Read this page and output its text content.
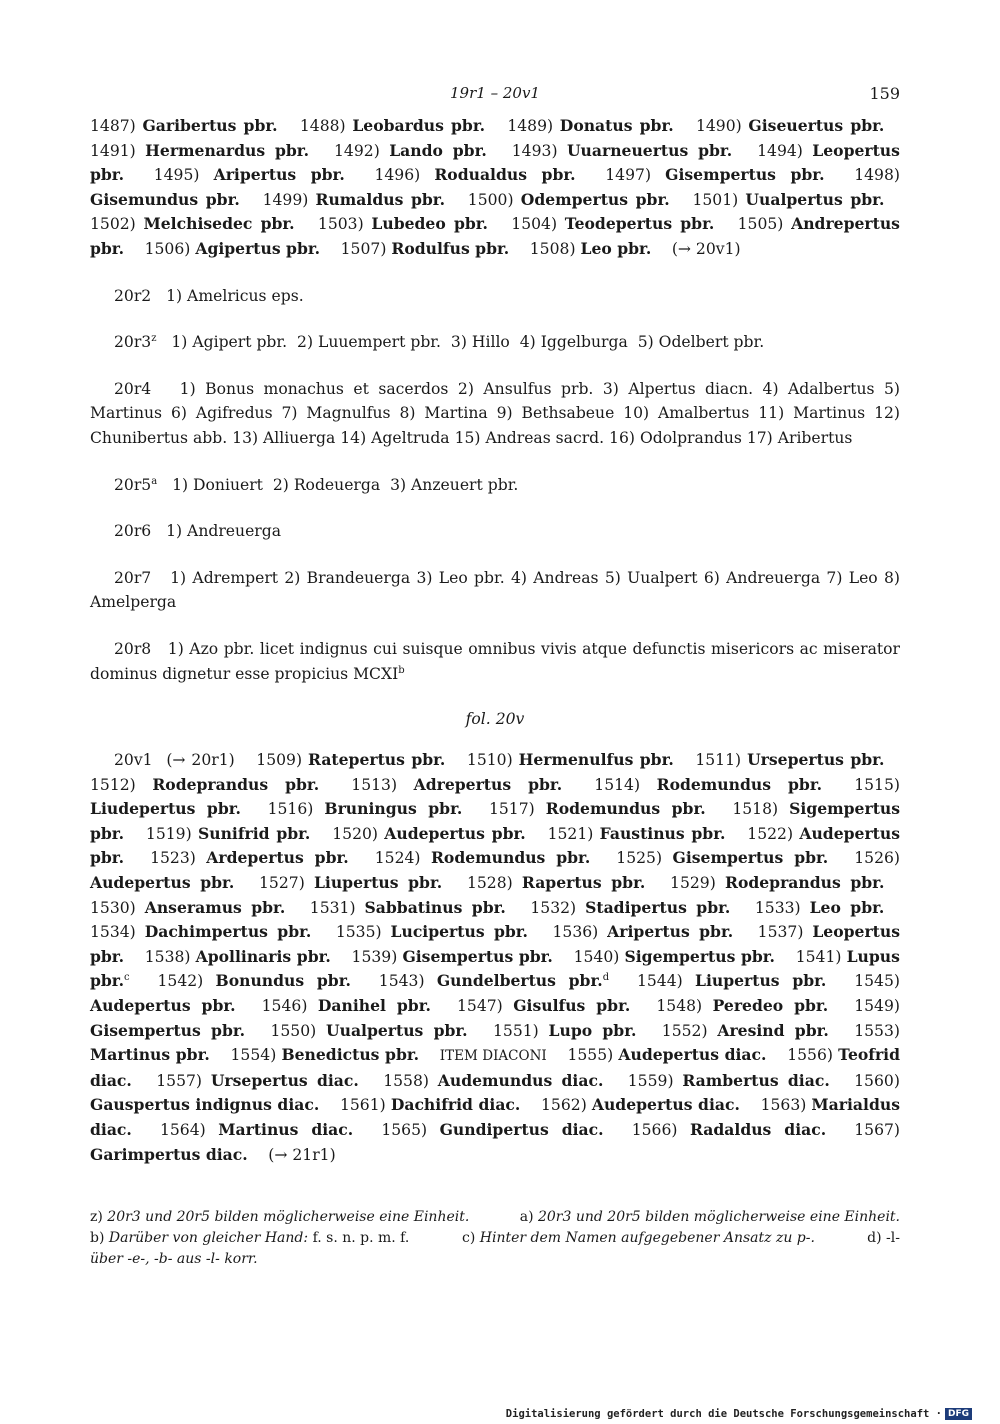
19r1 – 20v1	159

1487) Garibertus pbr.  1488) Leobardus pbr.  1489) Donatus pbr.  1490) Giseuertus pbr.  1491) Hermenardus pbr.  1492) Lando pbr.  1493) Uuarneuertus pbr.  1494) Leopertus pbr.  1495) Aripertus pbr.  1496) Rodualdus pbr.  1497) Gisempertus pbr.  1498) Gisemundus pbr.  1499) Rumaldus pbr.  1500) Odempertus pbr.  1501) Uualpertus pbr.  1502) Melchisedec pbr.  1503) Lubedeo pbr.  1504) Teodepertus pbr.  1505) Andrepertus pbr.  1506) Agipertus pbr.  1507) Rodulfus pbr.  1508) Leo pbr.  (→ 20v1)

20r2 1) Amelricus eps.

20r3$^z$ 1) Agipert pbr.  2) Luuempert pbr.  3) Hillo  4) Iggelburga  5) Odelbert pbr.

20r4 1) Bonus monachus et sacerdos 2) Ansulfus prb. 3) Alpertus diacn. 4) Adalbertus 5) Martinus 6) Agifredus 7) Magnulfus 8) Martina 9) Bethsabeue 10) Amalbertus 11) Martinus 12) Chunibertus abb. 13) Alliuerga 14) Ageltruda 15) Andreas sacrd. 16) Odolprandus 17) Aribertus

20r5$^a$ 1) Doniuert  2) Rodeuerga  3) Anzeuert pbr.

20r6 1) Andreuerga

20r7 1) Adrempert 2) Brandeuerga 3) Leo pbr. 4) Andreas 5) Uualpert 6) Andreuerga 7) Leo 8) Amelperga

20r8 1) Azo pbr. licet indignus cui suisque omnibus vivis atque defunctis misericors ac miserator dominus dignetur esse propicius MCXI$^b$

fol. 20v

20v1  (→ 20r1)  1509) Ratepertus pbr.  1510) Hermenulfus pbr.  1511) Ursepertus pbr.  1512) Rodeprandus pbr.  1513) Adrepertus pbr.  1514) Rodemundus pbr.  1515) Liudepertus pbr.  1516) Bruningus pbr.  1517) Rodemundus pbr.  1518) Sigempertus pbr.  1519) Sunifrid pbr.  1520) Audepertus pbr.  1521) Faustinus pbr.  1522) Audepertus pbr.  1523) Ardepertus pbr.  1524) Rodemundus pbr.  1525) Gisempertus pbr.  1526) Audepertus pbr.  1527) Liupertus pbr.  1528) Rapertus pbr.  1529) Rodeprandus pbr.  1530) Anseramus pbr.  1531) Sabbatinus pbr.  1532) Stadipertus pbr.  1533) Leo pbr.  1534) Dachimpertus pbr.  1535) Lucipertus pbr.  1536) Aripertus pbr.  1537) Leopertus pbr.  1538) Apollinaris pbr.  1539) Gisempertus pbr.  1540) Sigempertus pbr.  1541) Lupus pbr.$^c$  1542) Bonundus pbr.  1543) Gundelbertus pbr.$^d$  1544) Liupertus pbr.  1545) Audepertus pbr.  1546) Danihel pbr.  1547) Gisulfus pbr.  1548) Peredeo pbr.  1549) Gisempertus pbr.  1550) Uualpertus pbr.  1551) Lupo pbr.  1552) Aresind pbr.  1553) Martinus pbr.  1554) Benedictus pbr.  ITEM DIACONI  1555) Audepertus diac.  1556) Teofrid diac.  1557) Ursepertus diac.  1558) Audemundus diac.  1559) Rambertus diac.  1560) Gauspertus indignus diac.  1561) Dachifrid diac.  1562) Audepertus diac.  1563) Marialdus diac.  1564) Martinus diac.  1565) Gundipertus diac.  1566) Radaldus diac.  1567) Garimpertus diac.  (→ 21r1)

z) 20r3 und 20r5 bilden möglicherweise eine Einheit.	a) 20r3 und 20r5 bilden möglicherweise eine Einheit.
b) Darüber von gleicher Hand: f. s. n. p. m. f.	c) Hinter dem Namen aufgegebener Ansatz zu p-.	d) -l-
über -e-, -b- aus -l- korr.
Digitalisierung gefördert durch die Deutsche Forschungsgemeinschaft · DFG
